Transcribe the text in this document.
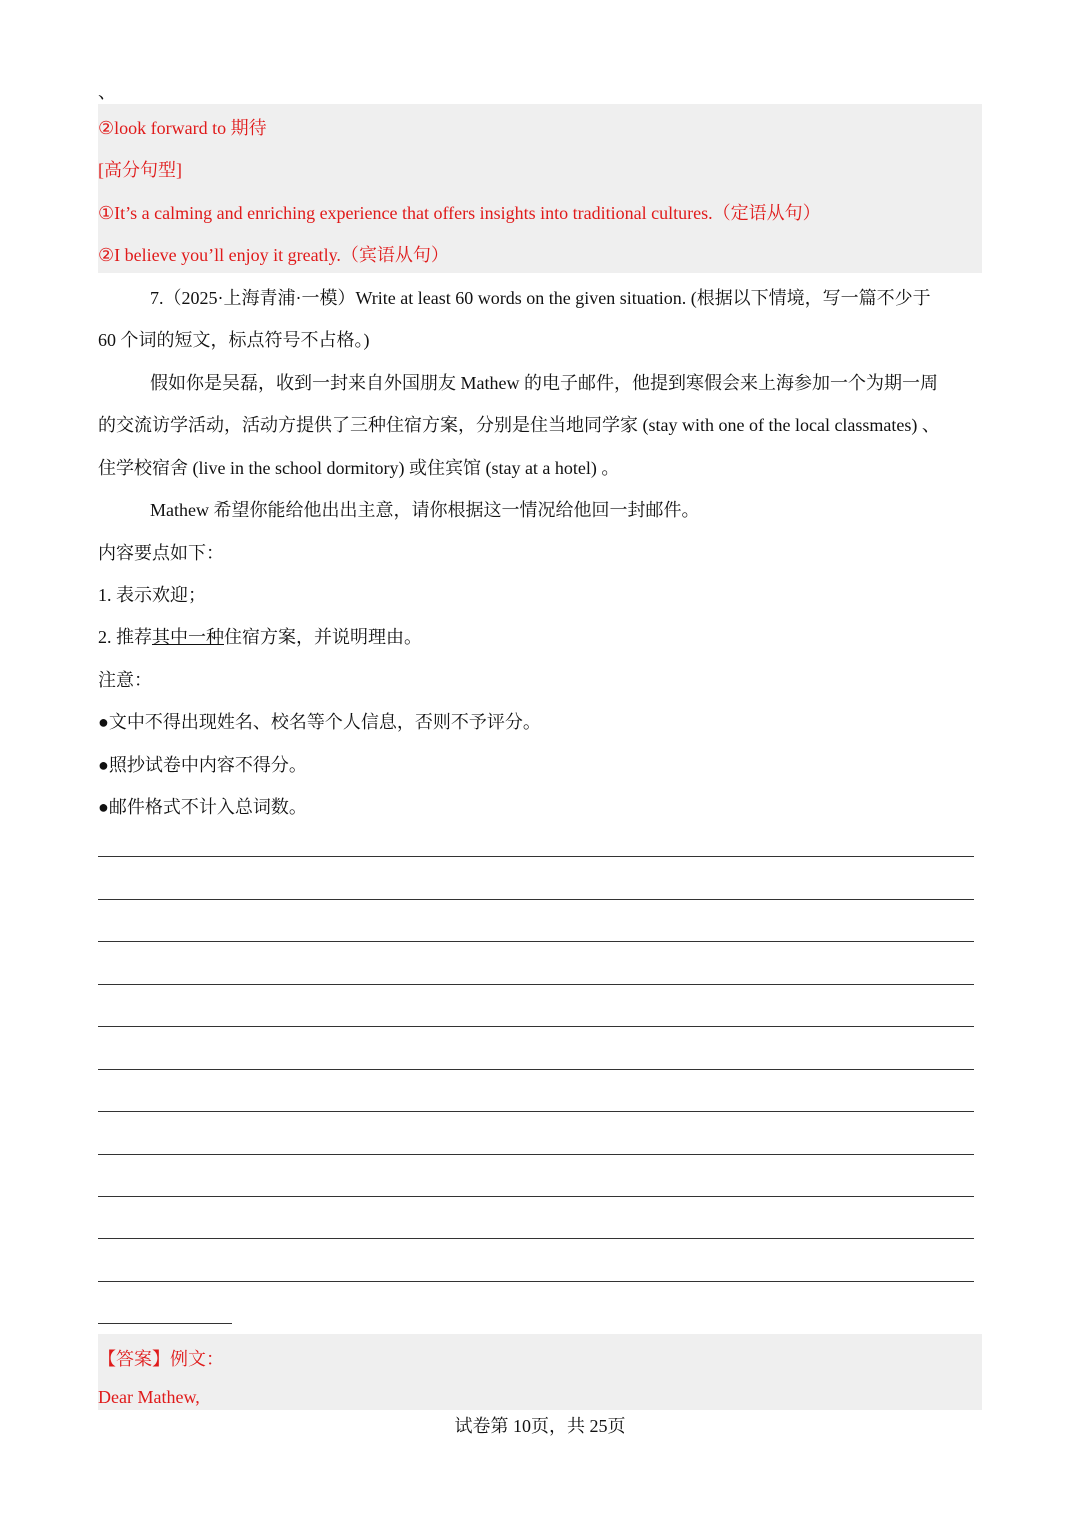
、
②look forward to 期待
[高分句型]
①It’s a calming and enriching experience that offers insights into traditional cultures.（定语从句）
②I believe you’ll enjoy it greatly.（宾语从句）
7.（2025·上海青浦·一模）Write at least 60 words on the given situation. (根据以下情境，写一篇不少于
60 个词的短文，标点符号不占格。)
假如你是吴磊，收到一封来自外国朋友 Mathew 的电子邮件，他提到寒假会来上海参加一个为期一周
的交流访学活动，活动方提供了三种住宿方案，分别是住当地同学家 (stay with one of the local classmates) 、
住学校宿舍 (live in the school dormitory) 或住宾馆 (stay at a hotel) 。
Mathew 希望你能给他出出主意，请你根据这一情况给他回一封邮件。
内容要点如下：
1. 表示欢迎；
2. 推荐其中一种住宿方案，并说明理由。
注意：
●文中不得出现姓名、校名等个人信息，否则不予评分。
●照抄试卷中内容不得分。
●邮件格式不计入总词数。
【答案】例文：
Dear Mathew,
试卷第 10页，共 25页
